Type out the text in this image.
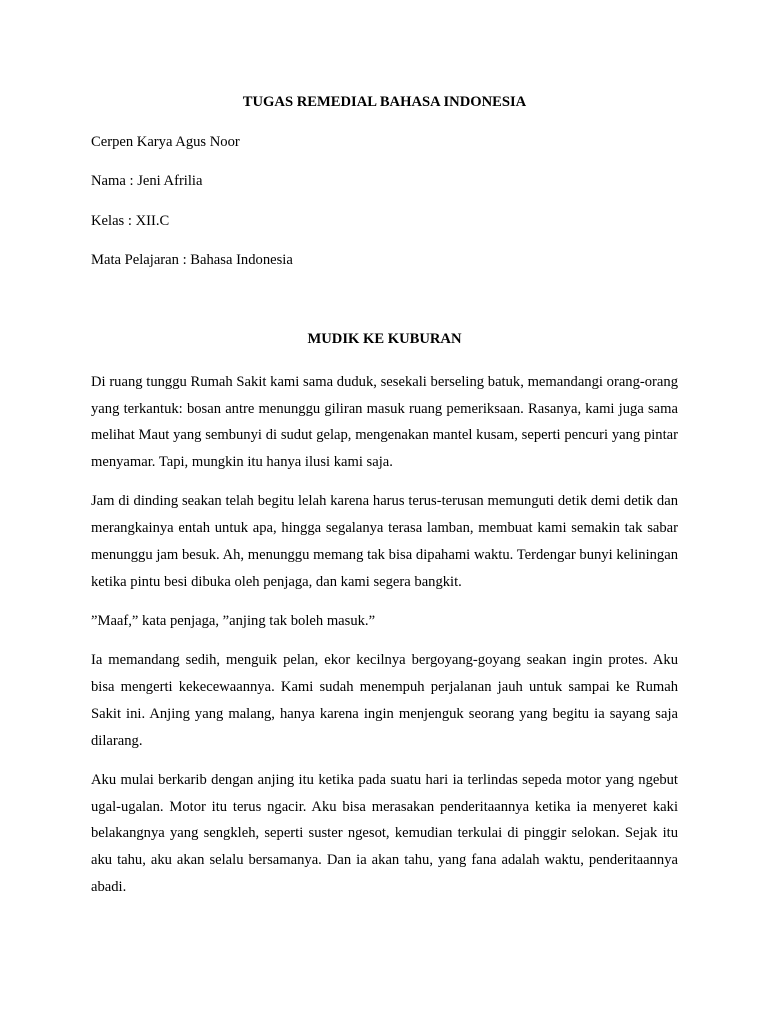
TUGAS REMEDIAL BAHASA INDONESIA

Cerpen Karya Agus Noor

Nama : Jeni Afrilia

Kelas : XII.C

Mata Pelajaran : Bahasa Indonesia

MUDIK KE KUBURAN

Di ruang tunggu Rumah Sakit kami sama duduk, sesekali berseling batuk, memandangi orang-orang yang terkantuk: bosan antre menunggu giliran masuk ruang pemeriksaan. Rasanya, kami juga sama melihat Maut yang sembunyi di sudut gelap, mengenakan mantel kusam, seperti pencuri yang pintar menyamar. Tapi, mungkin itu hanya ilusi kami saja.

Jam di dinding seakan telah begitu lelah karena harus terus-terusan memunguti detik demi detik dan merangkainya entah untuk apa, hingga segalanya terasa lamban, membuat kami semakin tak sabar menunggu jam besuk. Ah, menunggu memang tak bisa dipahami waktu. Terdengar bunyi keliningan ketika pintu besi dibuka oleh penjaga, dan kami segera bangkit.

”Maaf,” kata penjaga, ”anjing tak boleh masuk.”

Ia memandang sedih, menguik pelan, ekor kecilnya bergoyang-goyang seakan ingin protes. Aku bisa mengerti kekecewaannya. Kami sudah menempuh perjalanan jauh untuk sampai ke Rumah Sakit ini. Anjing yang malang, hanya karena ingin menjenguk seorang yang begitu ia sayang saja dilarang.

Aku mulai berkarib dengan anjing itu ketika pada suatu hari ia terlindas sepeda motor yang ngebut ugal-ugalan. Motor itu terus ngacir. Aku bisa merasakan penderitaannya ketika ia menyeret kaki belakangnya yang sengkleh, seperti suster ngesot, kemudian terkulai di pinggir selokan. Sejak itu aku tahu, aku akan selalu bersamanya. Dan ia akan tahu, yang fana adalah waktu, penderitaannya abadi.
